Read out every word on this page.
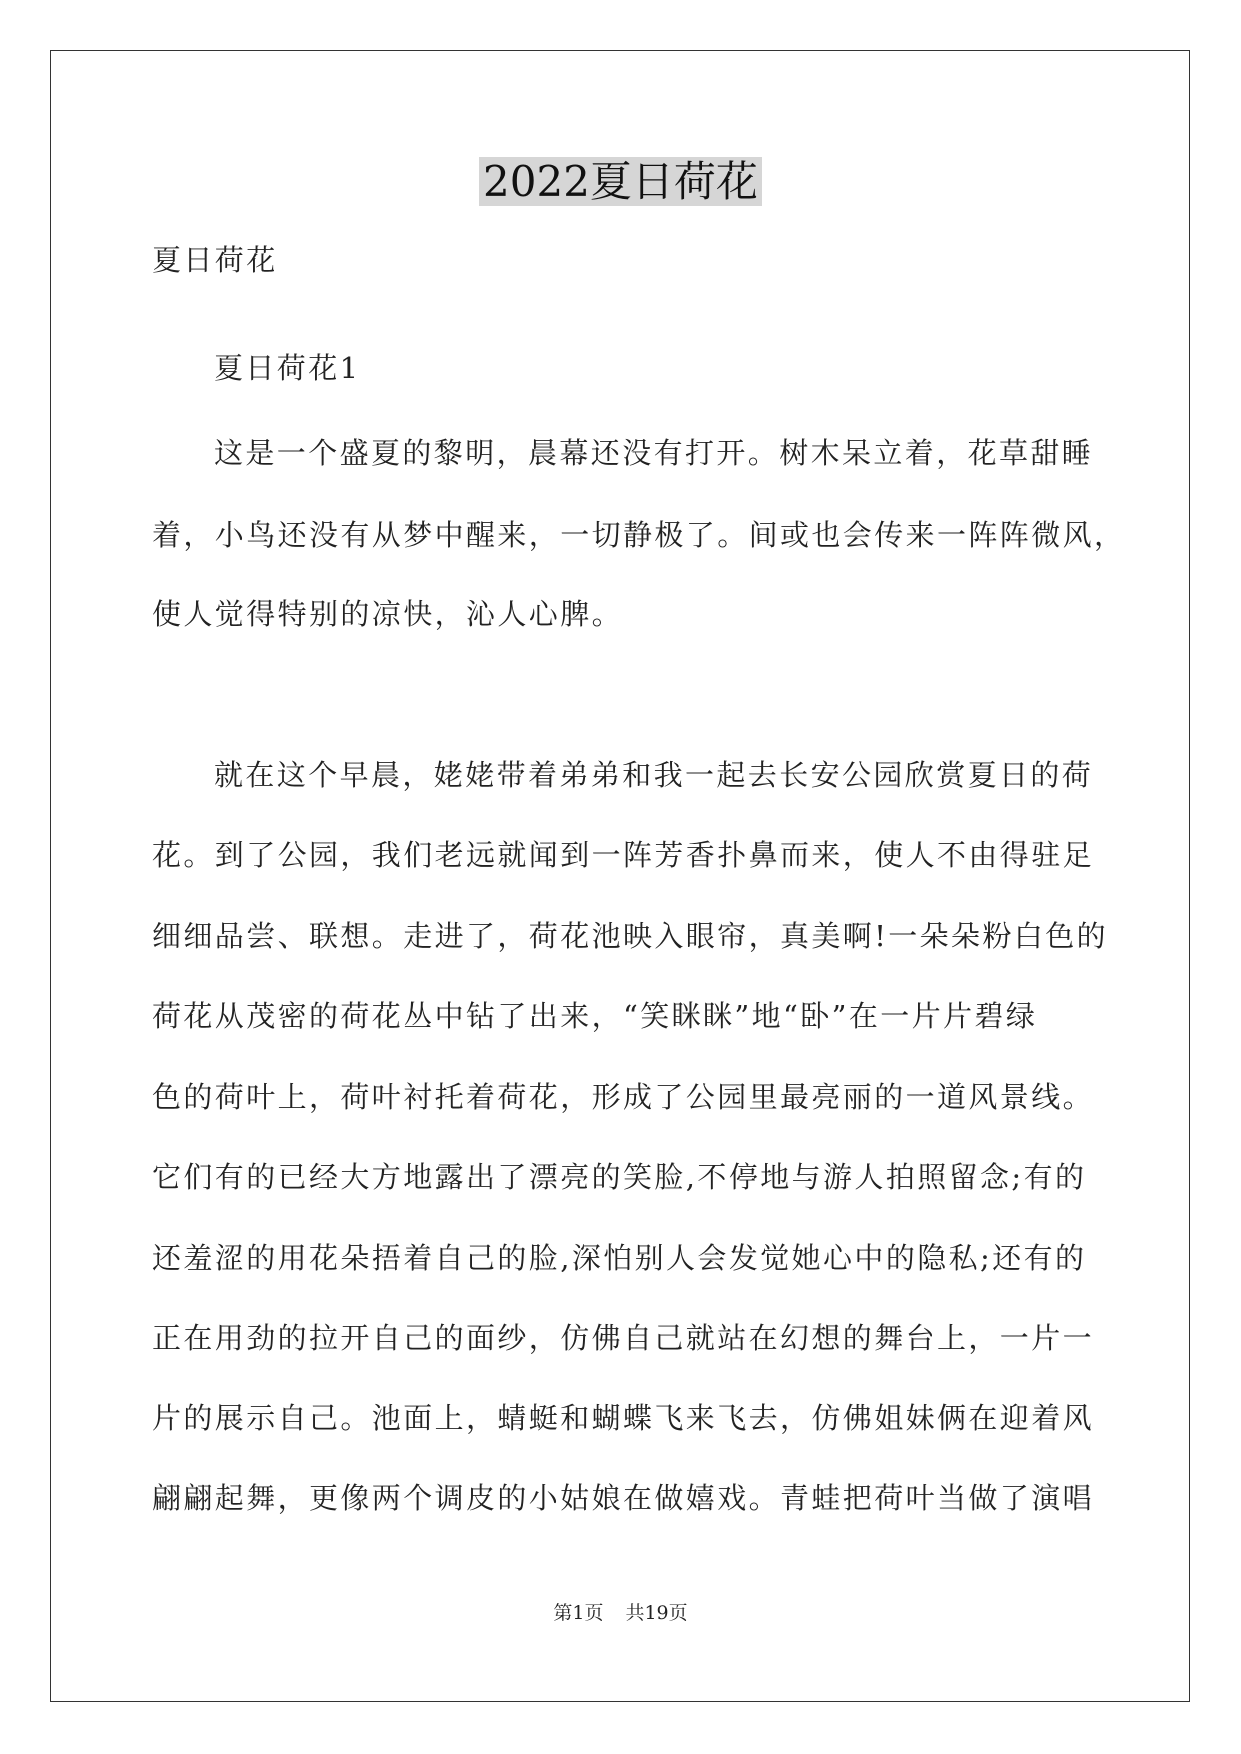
2022夏日荷花
夏日荷花
夏日荷花1
这是一个盛夏的黎明，晨幕还没有打开。树木呆立着，花草甜睡
着，小鸟还没有从梦中醒来，一切静极了。间或也会传来一阵阵微风，
使人觉得特别的凉快，沁人心脾。
就在这个早晨，姥姥带着弟弟和我一起去长安公园欣赏夏日的荷
花。到了公园，我们老远就闻到一阵芳香扑鼻而来，使人不由得驻足
细细品尝、联想。走进了，荷花池映入眼帘，真美啊!一朵朵粉白色的
荷花从茂密的荷花丛中钻了出来，“笑眯眯”地“卧”在一片片碧绿
色的荷叶上，荷叶衬托着荷花，形成了公园里最亮丽的一道风景线。
它们有的已经大方地露出了漂亮的笑脸,不停地与游人拍照留念;有的
还羞涩的用花朵捂着自己的脸,深怕别人会发觉她心中的隐私;还有的
正在用劲的拉开自己的面纱，仿佛自己就站在幻想的舞台上，一片一
片的展示自己。池面上，蜻蜓和蝴蝶飞来飞去，仿佛姐妹俩在迎着风
翩翩起舞，更像两个调皮的小姑娘在做嬉戏。青蛙把荷叶当做了演唱
第1页 共19页
